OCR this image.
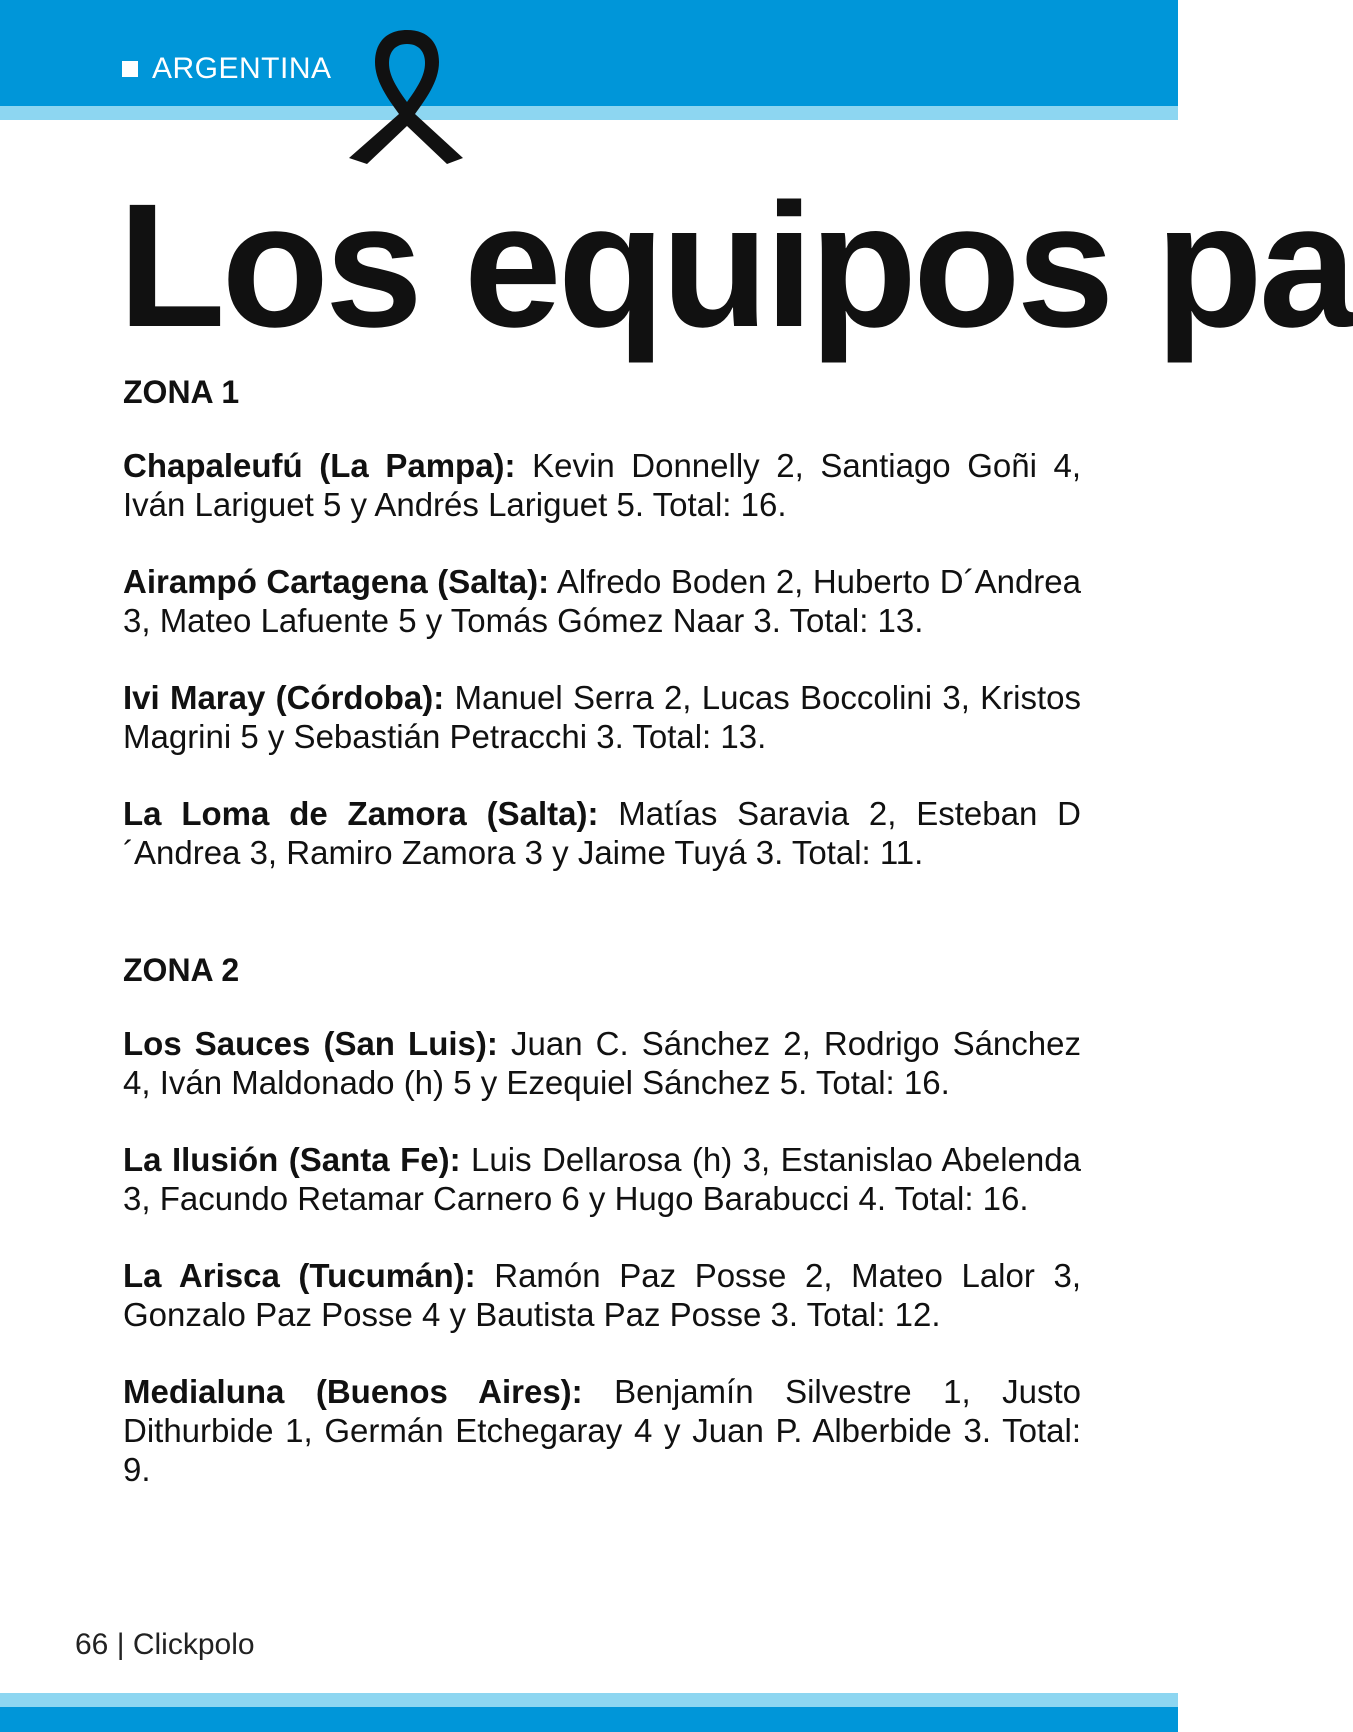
ARGENTINA
Los equipos pa

ZONA 1

Chapaleufú (La Pampa): Kevin Donnelly 2, Santiago Goñi 4, Iván Lariguet 5 y Andrés Lariguet 5. Total: 16.

Airampó Cartagena (Salta): Alfredo Boden 2, Huberto D´Andrea 3, Mateo Lafuente 5 y Tomás Gómez Naar 3. Total: 13.

Ivi Maray (Córdoba): Manuel Serra 2, Lucas Boccolini 3, Kristos Magrini 5 y Sebastián Petracchi 3. Total: 13.

La Loma de Zamora (Salta): Matías Saravia 2, Esteban D´Andrea 3, Ramiro Zamora 3 y Jaime Tuyá 3. Total: 11.

ZONA 2

Los Sauces (San Luis): Juan C. Sánchez 2, Rodrigo Sánchez 4, Iván Maldonado (h) 5 y Ezequiel Sánchez 5. Total: 16.

La Ilusión (Santa Fe): Luis Dellarosa (h) 3, Estanislao Abelenda 3, Facundo Retamar Carnero 6 y Hugo Barabucci 4. Total: 16.

La Arisca (Tucumán): Ramón Paz Posse 2, Mateo Lalor 3, Gonzalo Paz Posse 4 y Bautista Paz Posse 3. Total: 12.

Medialuna (Buenos Aires): Benjamín Silvestre 1, Justo Dithurbide 1, Germán Etchegaray 4 y Juan P. Alberbide 3. Total: 9.

66 | Clickpolo
